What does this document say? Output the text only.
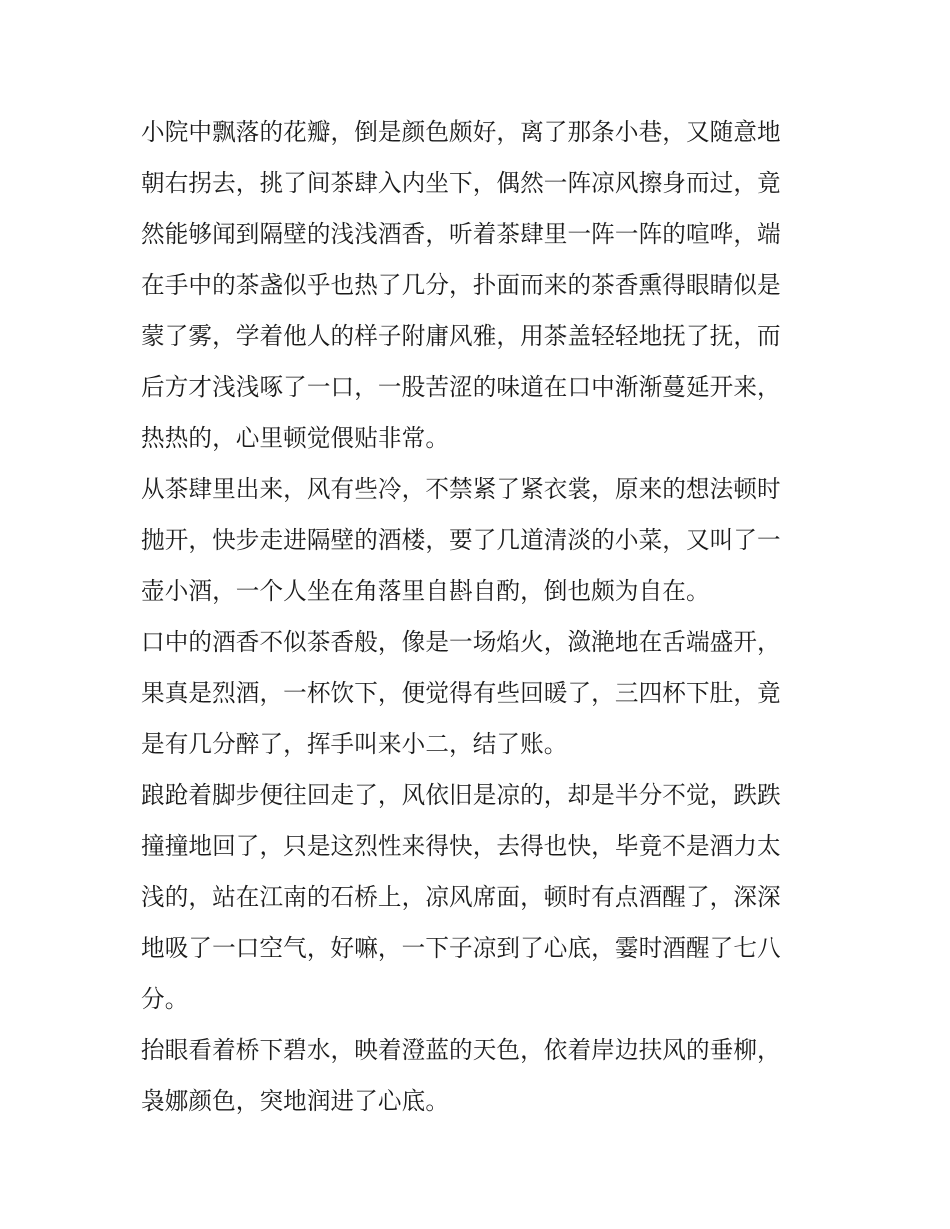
小院中飘落的花瓣，倒是颜色颇好，离了那条小巷，又随意地
朝右拐去，挑了间茶肆入内坐下，偶然一阵凉风擦身而过，竟
然能够闻到隔壁的浅浅酒香，听着茶肆里一阵一阵的喧哗，端
在手中的茶盏似乎也热了几分，扑面而来的茶香熏得眼睛似是
蒙了雾，学着他人的样子附庸风雅，用茶盖轻轻地抚了抚，而
后方才浅浅啄了一口，一股苦涩的味道在口中渐渐蔓延开来，
热热的，心里顿觉偎贴非常。

从茶肆里出来，风有些冷，不禁紧了紧衣裳，原来的想法顿时
抛开，快步走进隔壁的酒楼，要了几道清淡的小菜，又叫了一
壶小酒，一个人坐在角落里自斟自酌，倒也颇为自在。

口中的酒香不似茶香般，像是一场焰火，潋滟地在舌端盛开，
果真是烈酒，一杯饮下，便觉得有些回暖了，三四杯下肚，竟
是有几分醉了，挥手叫来小二，结了账。

踉跄着脚步便往回走了，风依旧是凉的，却是半分不觉，跌跌
撞撞地回了，只是这烈性来得快，去得也快，毕竟不是酒力太
浅的，站在江南的石桥上，凉风席面，顿时有点酒醒了，深深
地吸了一口空气，好嘛，一下子凉到了心底，霎时酒醒了七八
分。

抬眼看着桥下碧水，映着澄蓝的天色，依着岸边扶风的垂柳，
袅娜颜色，突地润进了心底。
